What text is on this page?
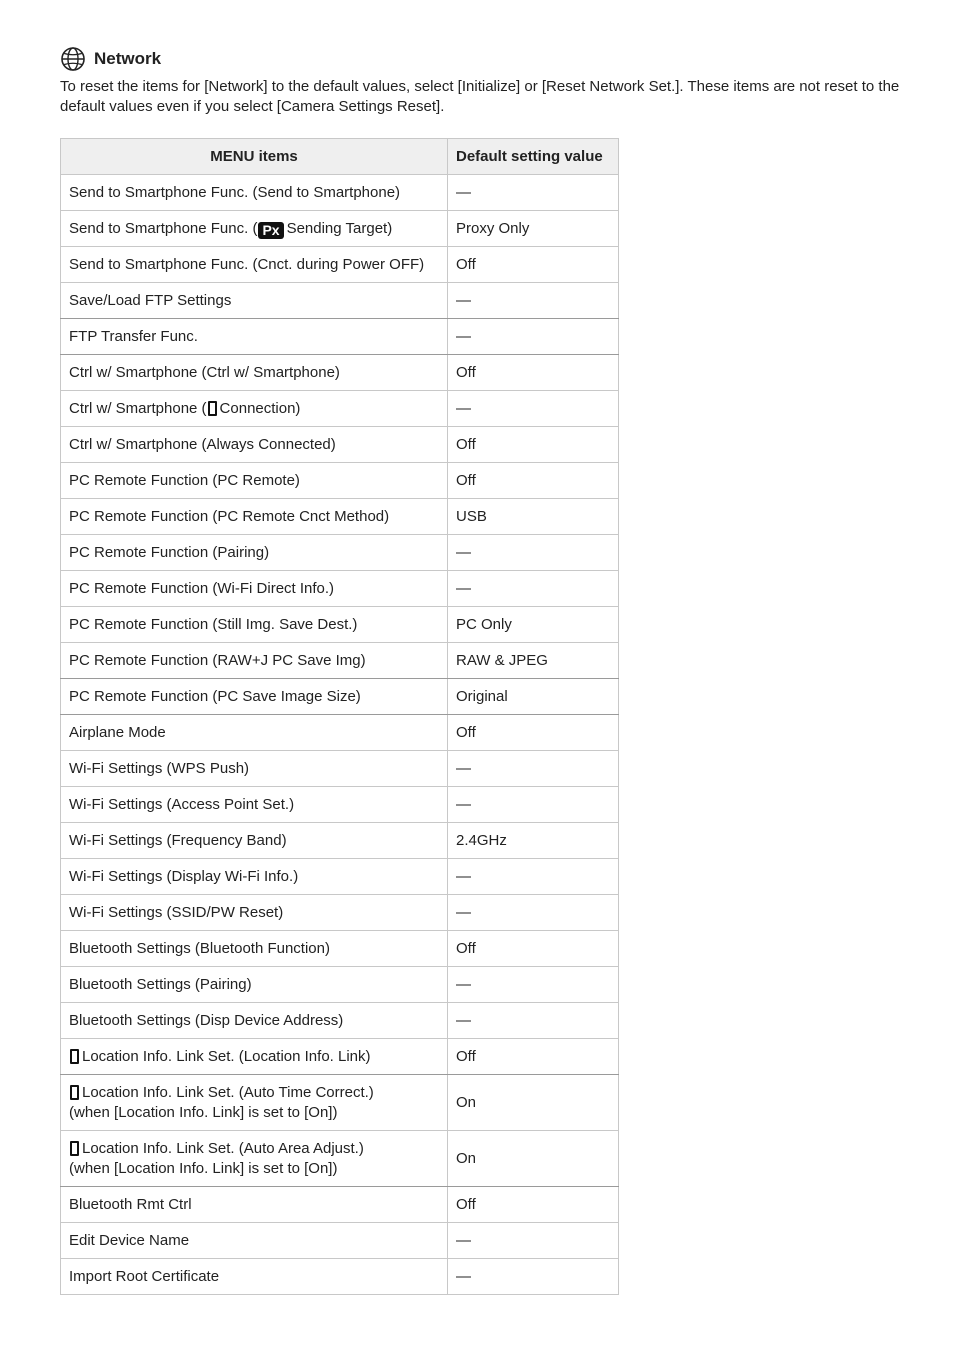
Network
To reset the items for [Network] to the default values, select [Initialize] or [Reset Network Set.]. These items are not reset to the default values even if you select [Camera Settings Reset].
MENU items	Default setting value
Send to Smartphone Func. (Send to Smartphone)	—
Send to Smartphone Func. ( Px Sending Target)	Proxy Only
Send to Smartphone Func. (Cnct. during Power OFF)	Off
Save/Load FTP Settings	—
FTP Transfer Func.	—
Ctrl w/ Smartphone (Ctrl w/ Smartphone)	Off
Ctrl w/ Smartphone ( Connection)	—
Ctrl w/ Smartphone (Always Connected)	Off
PC Remote Function (PC Remote)	Off
PC Remote Function (PC Remote Cnct Method)	USB
PC Remote Function (Pairing)	—
PC Remote Function (Wi-Fi Direct Info.)	—
PC Remote Function (Still Img. Save Dest.)	PC Only
PC Remote Function (RAW+J PC Save Img)	RAW & JPEG
PC Remote Function (PC Save Image Size)	Original
Airplane Mode	Off
Wi-Fi Settings (WPS Push)	—
Wi-Fi Settings (Access Point Set.)	—
Wi-Fi Settings (Frequency Band)	2.4GHz
Wi-Fi Settings (Display Wi-Fi Info.)	—
Wi-Fi Settings (SSID/PW Reset)	—
Bluetooth Settings (Bluetooth Function)	Off
Bluetooth Settings (Pairing)	—
Bluetooth Settings (Disp Device Address)	—
Location Info. Link Set. (Location Info. Link)	Off
Location Info. Link Set. (Auto Time Correct.)
(when [Location Info. Link] is set to [On])	On
Location Info. Link Set. (Auto Area Adjust.)
(when [Location Info. Link] is set to [On])	On
Bluetooth Rmt Ctrl	Off
Edit Device Name	—
Import Root Certificate	—
